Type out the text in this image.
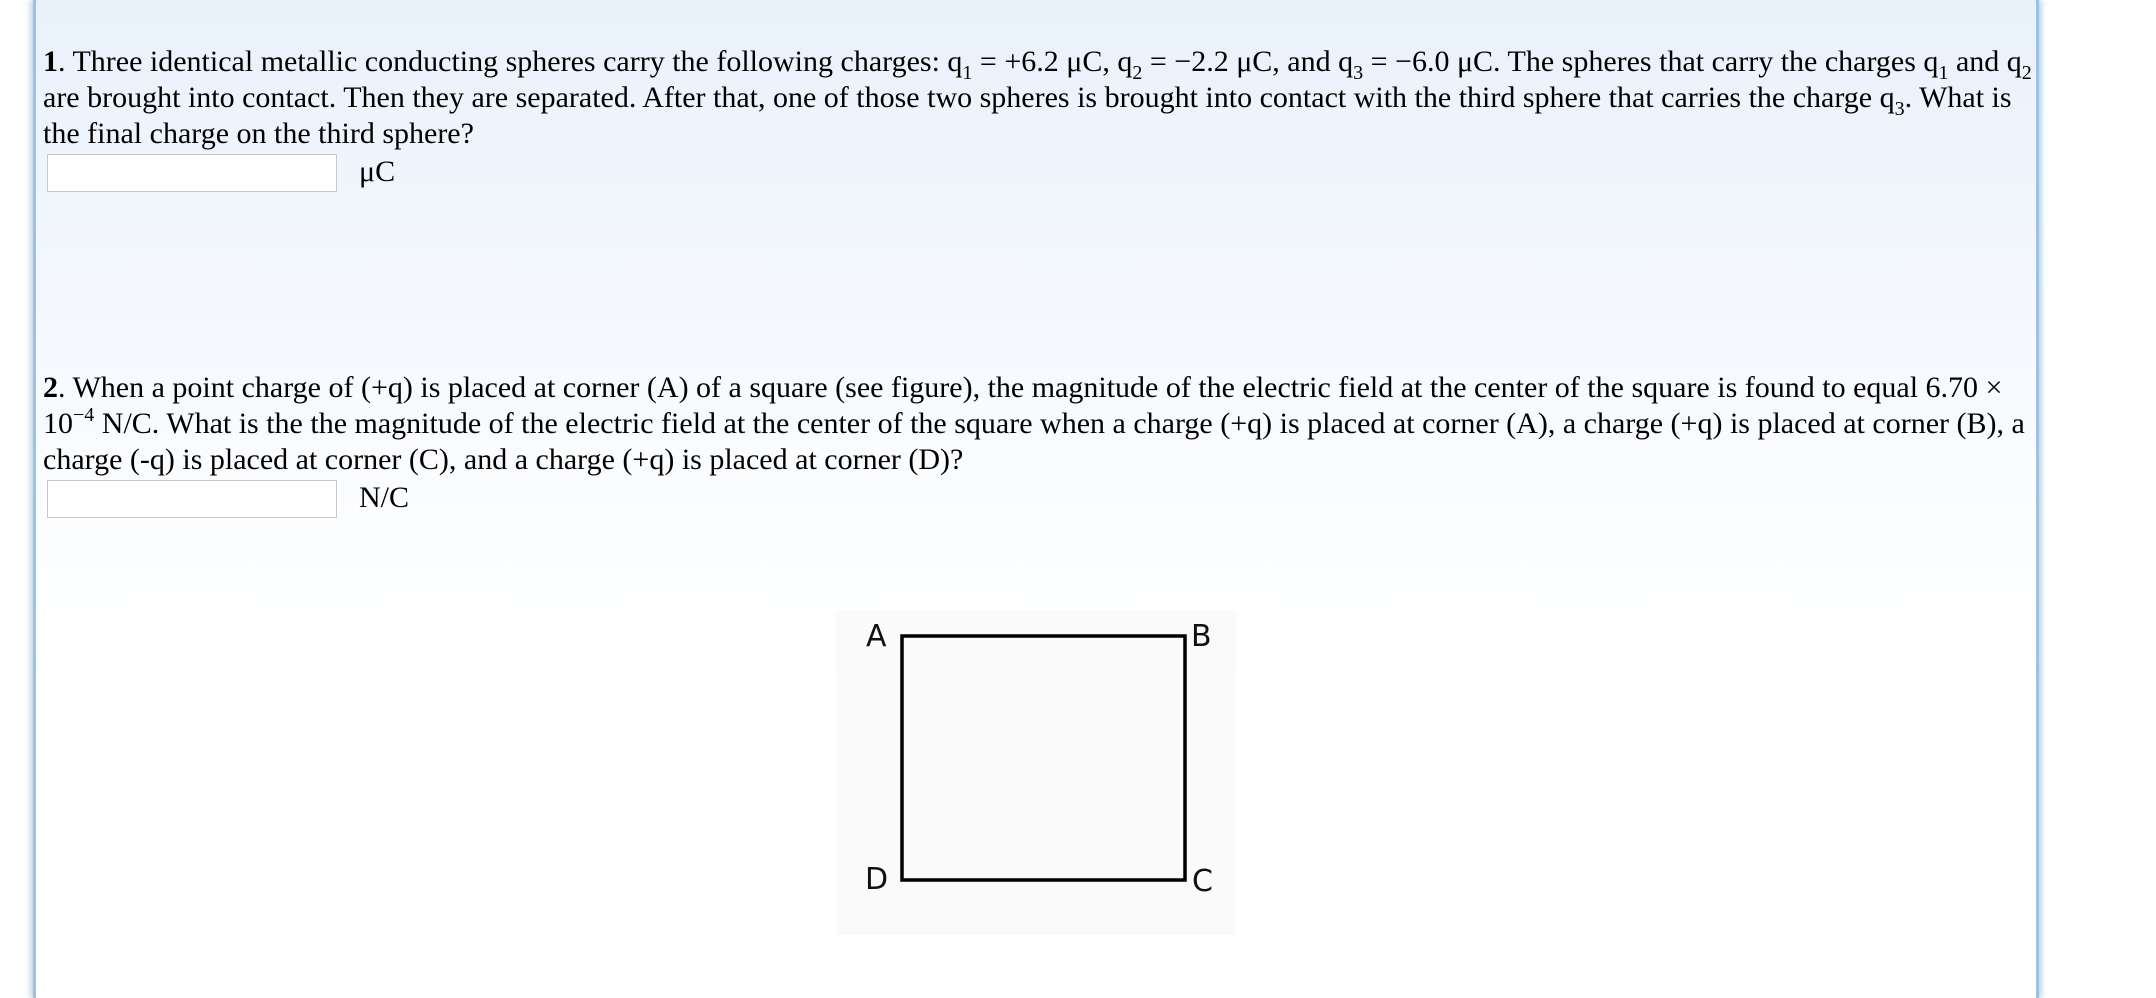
1. Three identical metallic conducting spheres carry the following charges: $q_1 = +6.2$ μC, $q_2 = -2.2$ μC, and $q_3 = -6.0$ μC. The spheres that carry the charges $q_1$ and $q_2$ are brought into contact. Then they are separated. After that, one of those two spheres is brought into contact with the third sphere that carries the charge $q_3$. What is the final charge on the third sphere?
μC
2. When a point charge of (+q) is placed at corner (A) of a square (see figure), the magnitude of the electric field at the center of the square is found to equal $6.70 \times 10^{-4}$ N/C. What is the the magnitude of the electric field at the center of the square when a charge (+q) is placed at corner (A), a charge (+q) is placed at corner (B), a charge (-q) is placed at corner (C), and a charge (+q) is placed at corner (D)?
N/C
A	B
C
D
